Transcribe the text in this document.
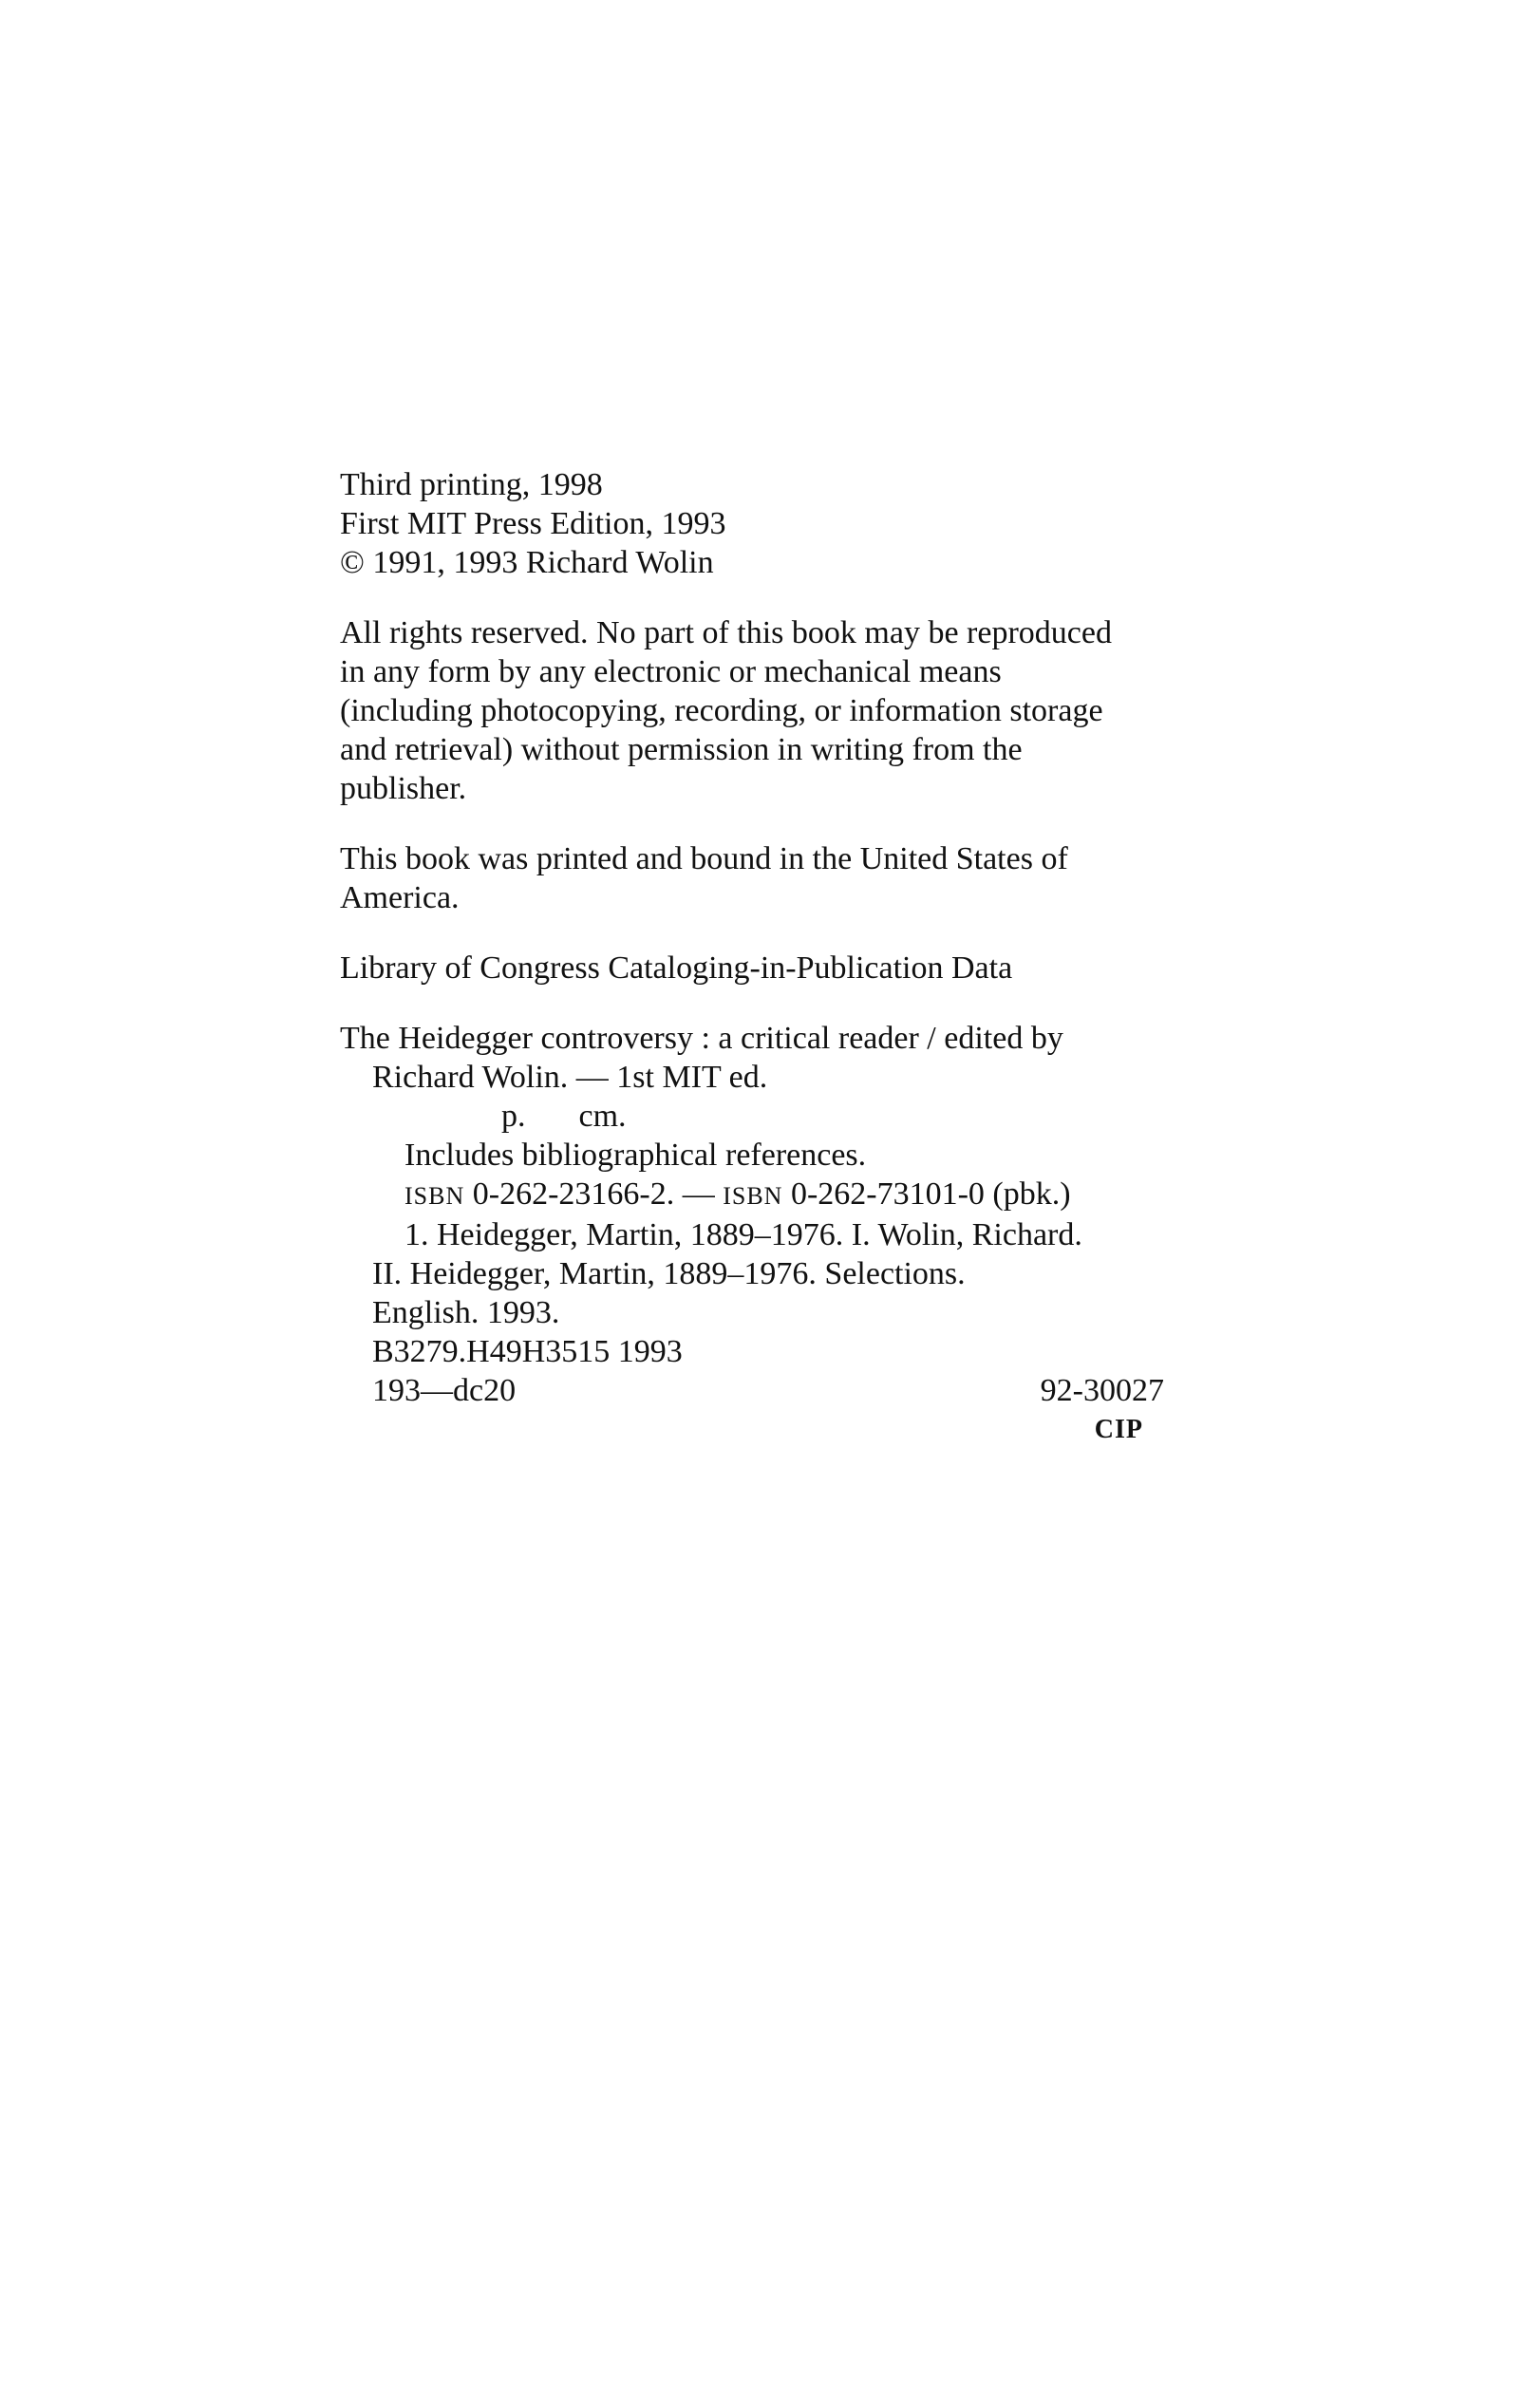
Third printing, 1998
First MIT Press Edition, 1993
© 1991, 1993 Richard Wolin
All rights reserved. No part of this book may be reproduced
in any form by any electronic or mechanical means
(including photocopying, recording, or information storage
and retrieval) without permission in writing from the
publisher.
This book was printed and bound in the United States of
America.
Library of Congress Cataloging-in-Publication Data
The Heidegger controversy : a critical reader / edited by
Richard Wolin. — 1st MIT ed.
p. cm.
Includes bibliographical references.
ISBN 0-262-23166-2. — ISBN 0-262-73101-0 (pbk.)
1. Heidegger, Martin, 1889–1976. I. Wolin, Richard.
II. Heidegger, Martin, 1889–1976. Selections.
English. 1993.
B3279.H49H3515 1993
193—dc20	92-30027
CIP
